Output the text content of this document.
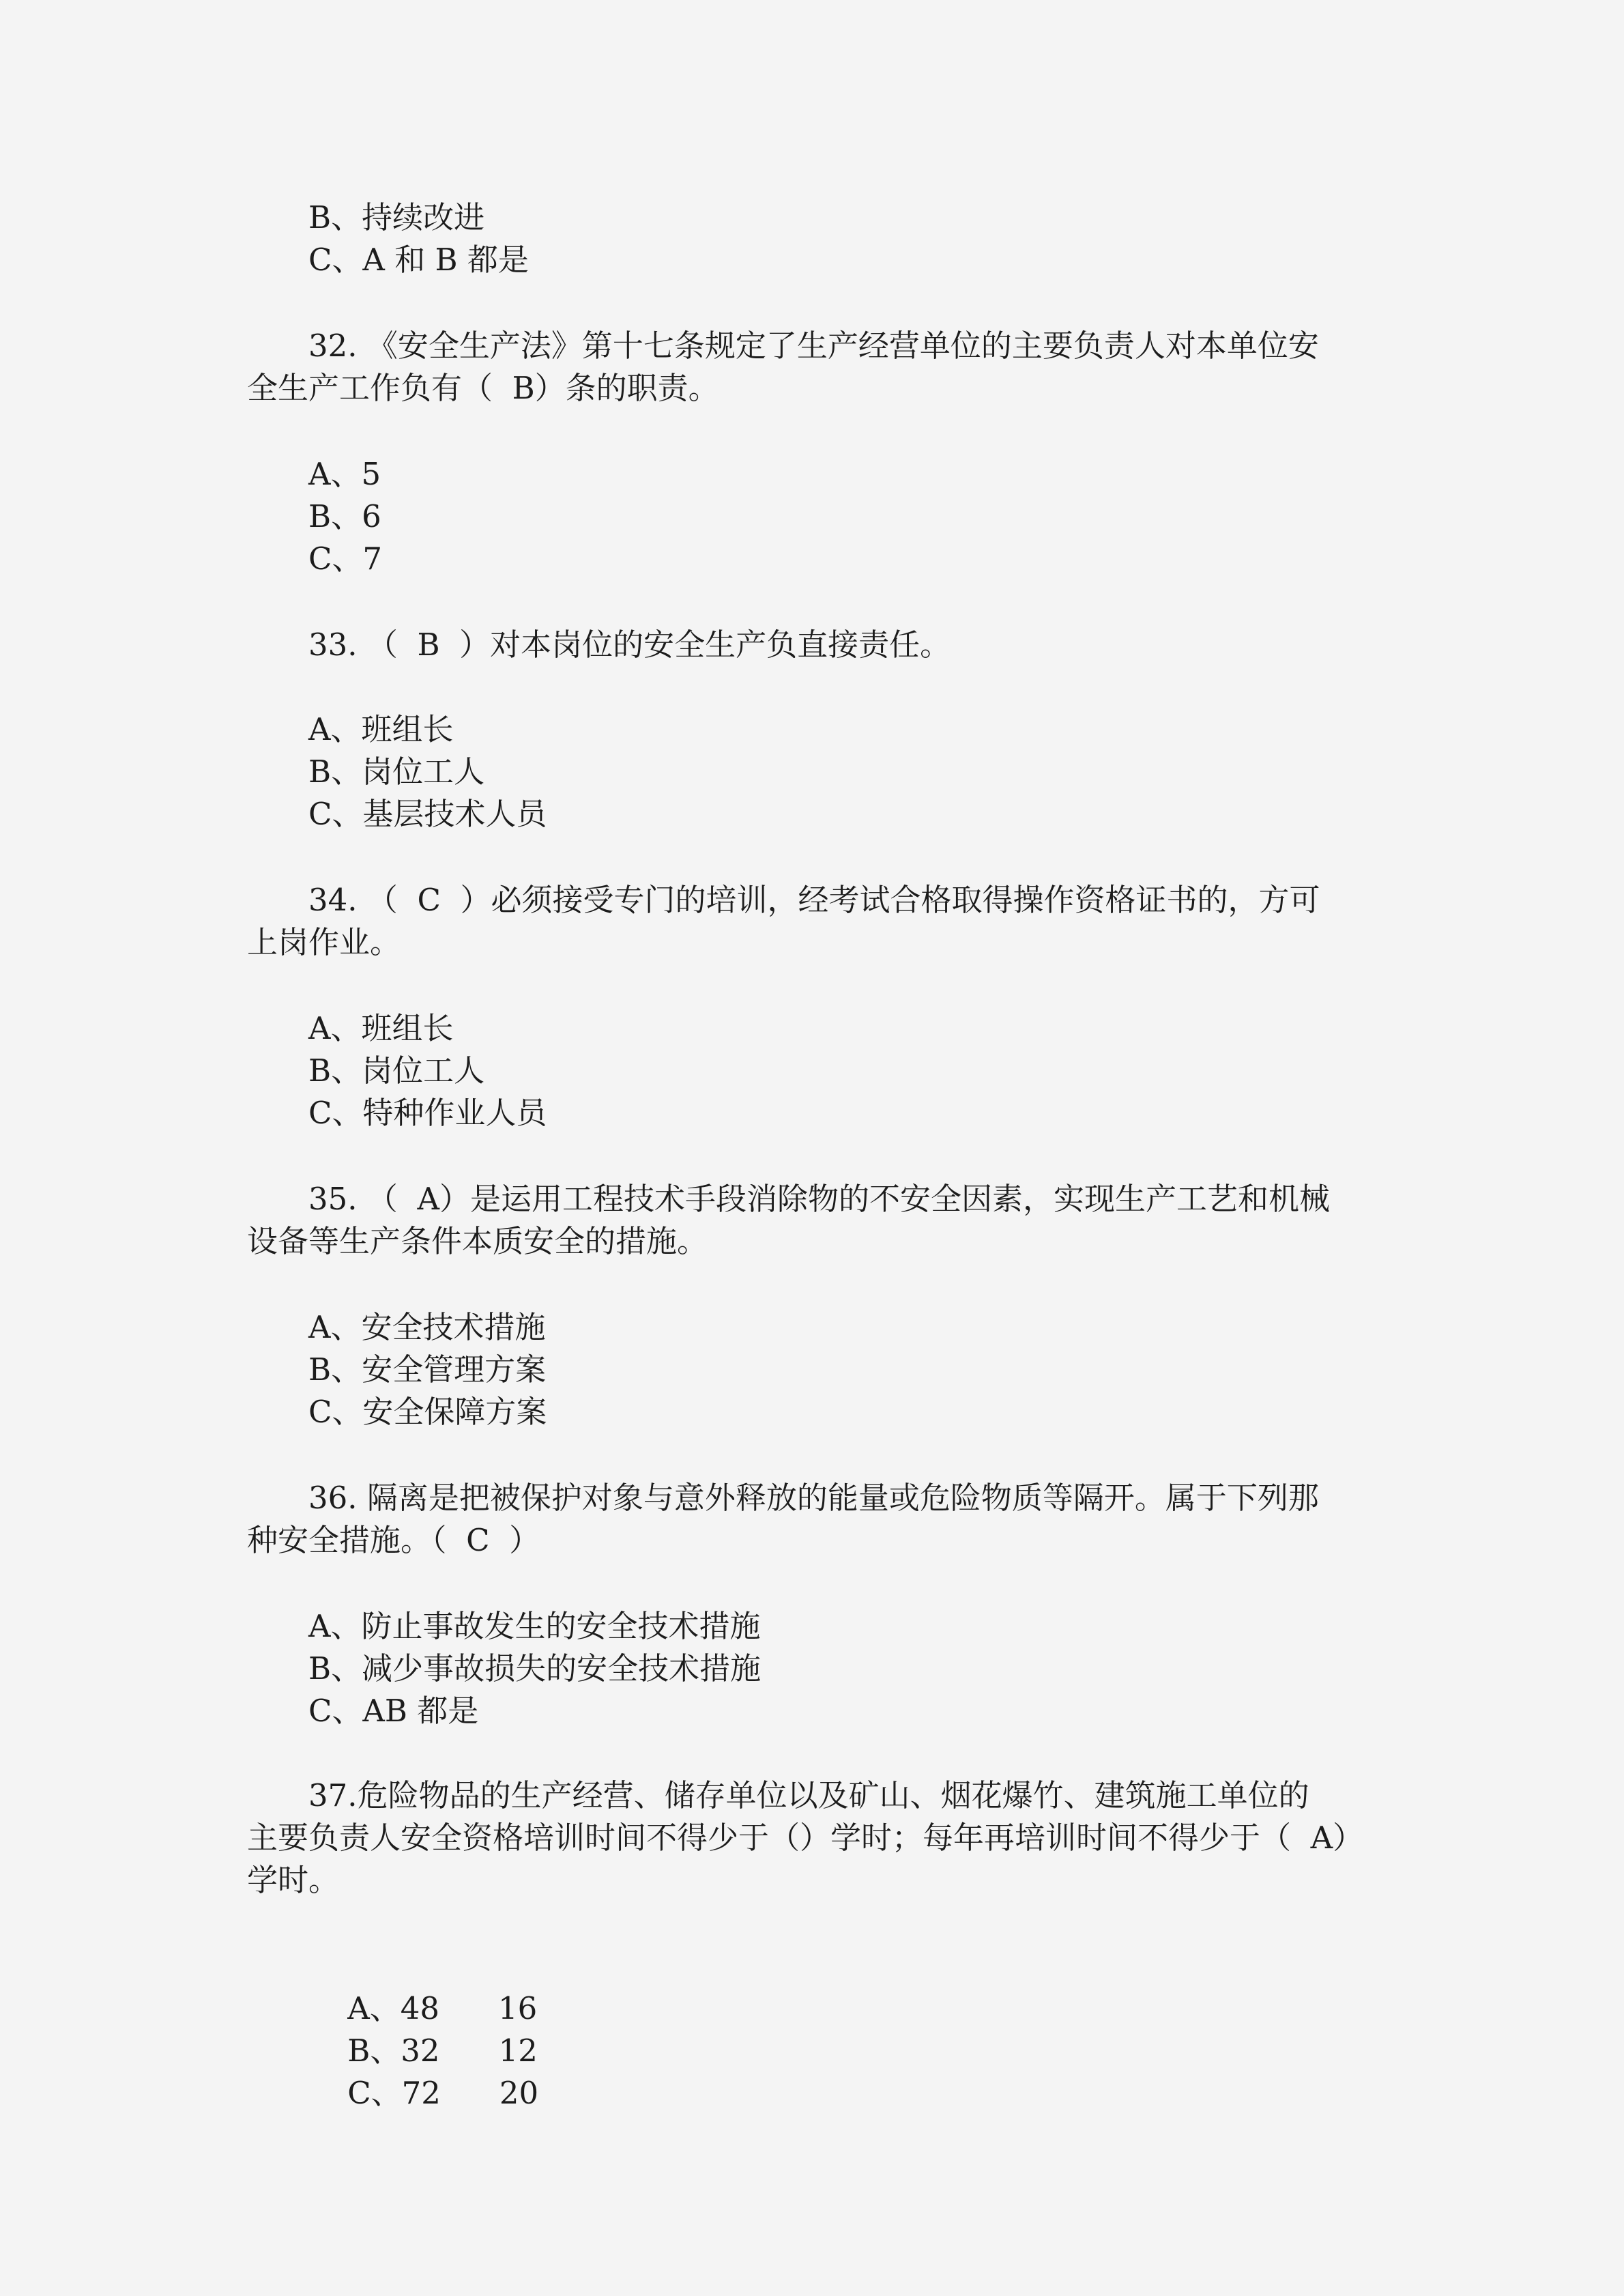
B、持续改进

C、A 和 B 都是

32. 《安全生产法》第十七条规定了生产经营单位的主要负责人对本单位安

全生产工作负有（  B）条的职责。

A、5

B、6

C、7

33. （  B  ）对本岗位的安全生产负直接责任。

A、班组长

B、岗位工人

C、基层技术人员

34. （  C  ）必须接受专门的培训，经考试合格取得操作资格证书的，方可

上岗作业。

A、班组长

B、岗位工人

C、特种作业人员

35. （  A）是运用工程技术手段消除物的不安全因素，实现生产工艺和机械

设备等生产条件本质安全的措施。

A、安全技术措施

B、安全管理方案

C、安全保障方案

36. 隔离是把被保护对象与意外释放的能量或危险物质等隔开。属于下列那

种安全措施。（  C  ）

A、防止事故发生的安全技术措施

B、减少事故损失的安全技术措施

C、AB 都是

37.危险物品的生产经营、储存单位以及矿山、烟花爆竹、建筑施工单位的

主要负责人安全资格培训时间不得少于（）学时；每年再培训时间不得少于（  A）

学时。

A、48 16

B、32 12

C、72 20
